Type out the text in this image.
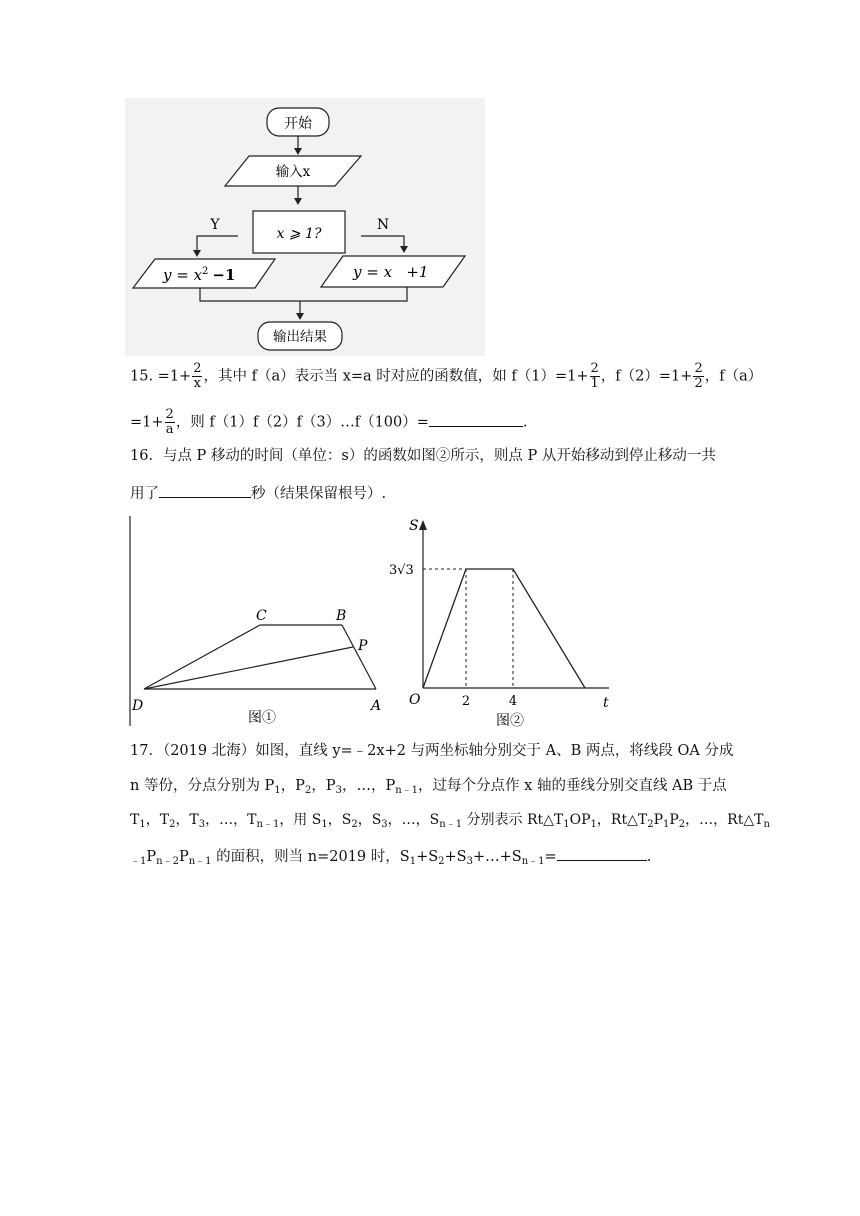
开始
输入x
x ⩾ 1?
Y	N
$y = x^2 -1$	y = x   +1
输出结果
15. $=1+ \frac{2}{x}$ ，其中 f（a）表示当 x=a 时对应的函数值，如 $f(1)=1+ \frac{2}{1}$ ，$f(2)=1+ \frac{2}{2}$ ，f（a）
$=1+ \frac{2}{a}$ ，则 f（1）f（2）f（3）…f（100）=	.
16．与点 P 移动的时间（单位：s）的函数如图②所示，则点 P 从开始移动到停止移动一共
用了	秒（结果保留根号）.
C	B
P
D	A
图①
S
t
O
3√3
2	4
图②
17．（2019 北海）如图，直线 y=﹣2x+2 与两坐标轴分别交于 A、B 两点，将线段 OA 分成
n 等份，分点分别为 $P_1$，$P_2$，$P_3$，…，$P_{n﹣1}$，过每个分点作 x 轴的垂线分别交直线 AB 于点
$T_1$，$T_2$，$T_3$，…，$T_{n﹣1}$，用 $S_1$，$S_2$，$S_3$，…，$S_{n﹣1}$ 分别表示 $Rt\triangle T_1OP_1$，$Rt\triangle T_2P_1P_2$，…，$Rt\triangle T_n$
$_{﹣1}P_{n﹣2}P_{n﹣1}$ 的面积，则当 n=2019 时，$S_1+S_2+S_3+\dots+S_{n﹣1}=$	.
